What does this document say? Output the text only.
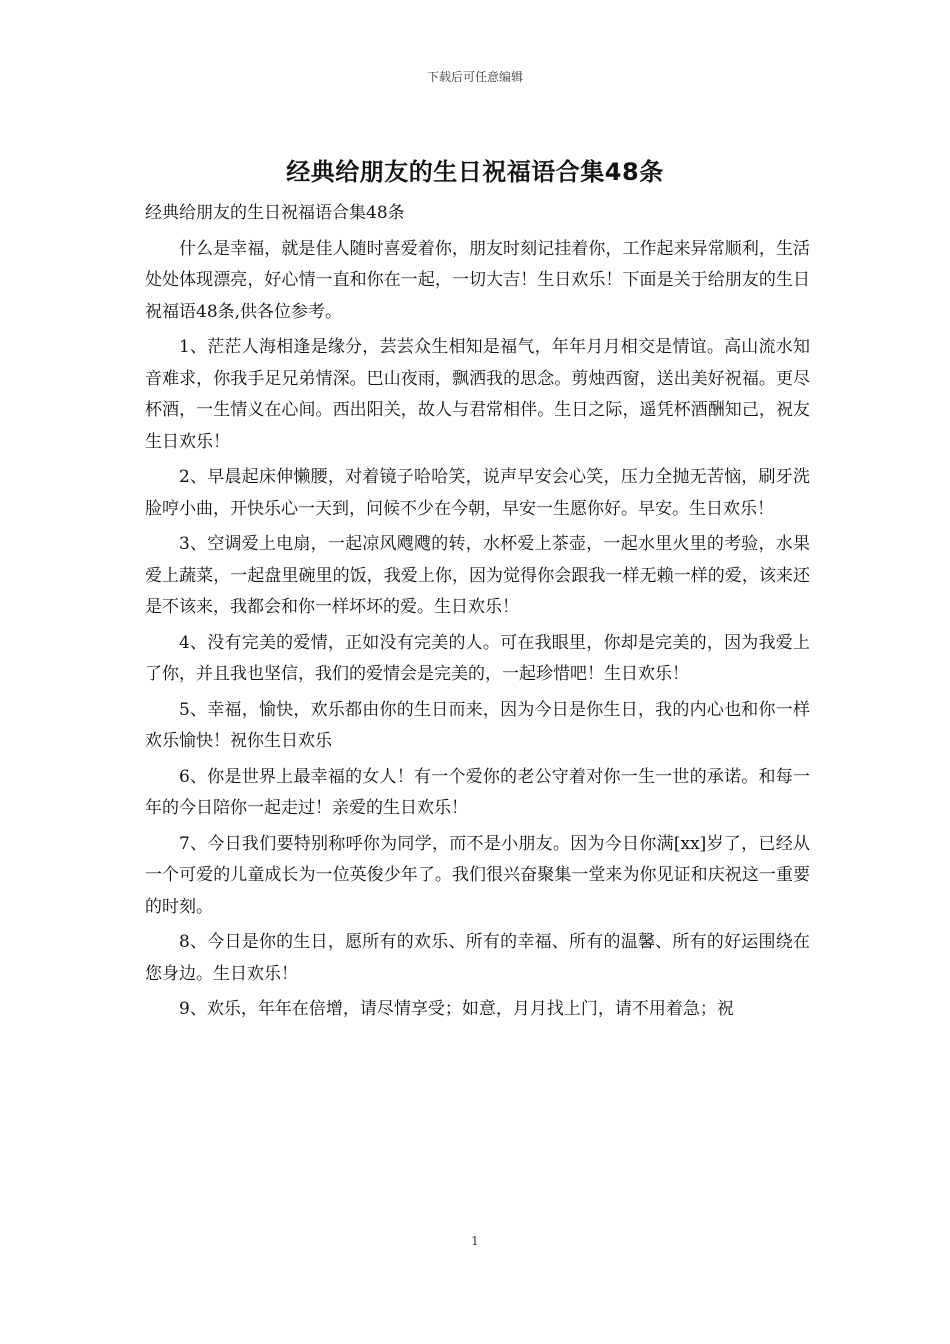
下载后可任意编辑
经典给朋友的生日祝福语合集48条

经典给朋友的生日祝福语合集48条

什么是幸福，就是佳人随时喜爱着你，朋友时刻记挂着你，工作起来异常顺利，生活处处体现漂亮，好心情一直和你在一起，一切大吉！生日欢乐！下面是关于给朋友的生日祝福语48条,供各位参考。

1、茫茫人海相逢是缘分，芸芸众生相知是福气，年年月月相交是情谊。高山流水知音难求，你我手足兄弟情深。巴山夜雨，飘洒我的思念。剪烛西窗，送出美好祝福。更尽杯酒，一生情义在心间。西出阳关，故人与君常相伴。生日之际，遥凭杯酒酬知己，祝友生日欢乐！

2、早晨起床伸懒腰，对着镜子哈哈笑，说声早安会心笑，压力全抛无苦恼，刷牙洗脸哼小曲，开快乐心一天到，问候不少在今朝，早安一生愿你好。早安。生日欢乐！

3、空调爱上电扇，一起凉风飕飕的转，水杯爱上茶壶，一起水里火里的考验，水果爱上蔬菜，一起盘里碗里的饭，我爱上你，因为觉得你会跟我一样无赖一样的爱，该来还是不该来，我都会和你一样坏坏的爱。生日欢乐！

4、没有完美的爱情，正如没有完美的人。可在我眼里，你却是完美的，因为我爱上了你，并且我也坚信，我们的爱情会是完美的，一起珍惜吧！生日欢乐！

5、幸福，愉快，欢乐都由你的生日而来，因为今日是你生日，我的内心也和你一样欢乐愉快！祝你生日欢乐

6、你是世界上最幸福的女人！有一个爱你的老公守着对你一生一世的承诺。和每一年的今日陪你一起走过！亲爱的生日欢乐！

7、今日我们要特别称呼你为同学，而不是小朋友。因为今日你满[xx]岁了，已经从一个可爱的儿童成长为一位英俊少年了。我们很兴奋聚集一堂来为你见证和庆祝这一重要的时刻。

8、今日是你的生日，愿所有的欢乐、所有的幸福、所有的温馨、所有的好运围绕在您身边。生日欢乐！

9、欢乐，年年在倍增，请尽情享受；如意，月月找上门，请不用着急；祝

1
